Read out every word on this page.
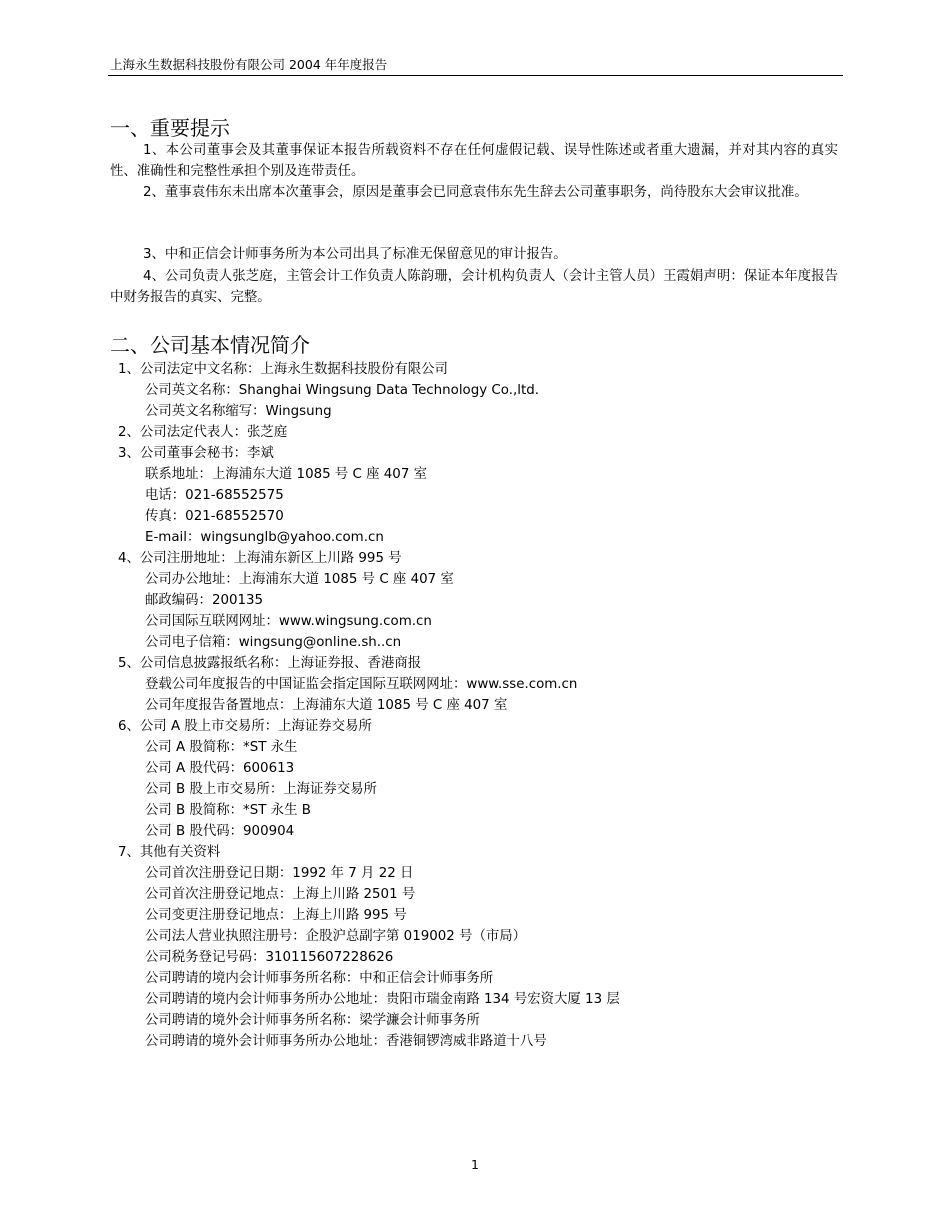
上海永生数据科技股份有限公司 2004 年年度报告
一、重要提示
1、本公司董事会及其董事保证本报告所载资料不存在任何虚假记载、误导性陈述或者重大遗漏，并对其内容的真实性、准确性和完整性承担个别及连带责任。
2、董事袁伟东未出席本次董事会，原因是董事会已同意袁伟东先生辞去公司董事职务，尚待股东大会审议批准。
3、中和正信会计师事务所为本公司出具了标准无保留意见的审计报告。
4、公司负责人张芝庭，主管会计工作负责人陈韵珊，会计机构负责人（会计主管人员）王霞娟声明：保证本年度报告中财务报告的真实、完整。
二、公司基本情况简介
1、公司法定中文名称：上海永生数据科技股份有限公司
公司英文名称：Shanghai Wingsung Data Technology Co.,ltd.
公司英文名称缩写：Wingsung
2、公司法定代表人：张芝庭
3、公司董事会秘书：李斌
联系地址：上海浦东大道 1085 号 C 座 407 室
电话：021-68552575
传真：021-68552570
E-mail：wingsunglb@yahoo.com.cn
4、公司注册地址：上海浦东新区上川路 995 号
公司办公地址：上海浦东大道 1085 号 C 座 407 室
邮政编码：200135
公司国际互联网网址：www.wingsung.com.cn
公司电子信箱：wingsung@online.sh..cn
5、公司信息披露报纸名称：上海证券报、香港商报
登载公司年度报告的中国证监会指定国际互联网网址：www.sse.com.cn
公司年度报告备置地点：上海浦东大道 1085 号 C 座 407 室
6、公司 A 股上市交易所：上海证券交易所
公司 A 股简称：*ST 永生
公司 A 股代码：600613
公司 B 股上市交易所：上海证券交易所
公司 B 股简称：*ST 永生 B
公司 B 股代码：900904
7、其他有关资料
公司首次注册登记日期：1992 年 7 月 22 日
公司首次注册登记地点：上海上川路 2501 号
公司变更注册登记地点：上海上川路 995 号
公司法人营业执照注册号：企股沪总副字第 019002 号（市局）
公司税务登记号码：310115607228626
公司聘请的境内会计师事务所名称：中和正信会计师事务所
公司聘请的境内会计师事务所办公地址：贵阳市瑞金南路 134 号宏资大厦 13 层
公司聘请的境外会计师事务所名称：梁学濂会计师事务所
公司聘请的境外会计师事务所办公地址：香港铜锣湾威非路道十八号
1
